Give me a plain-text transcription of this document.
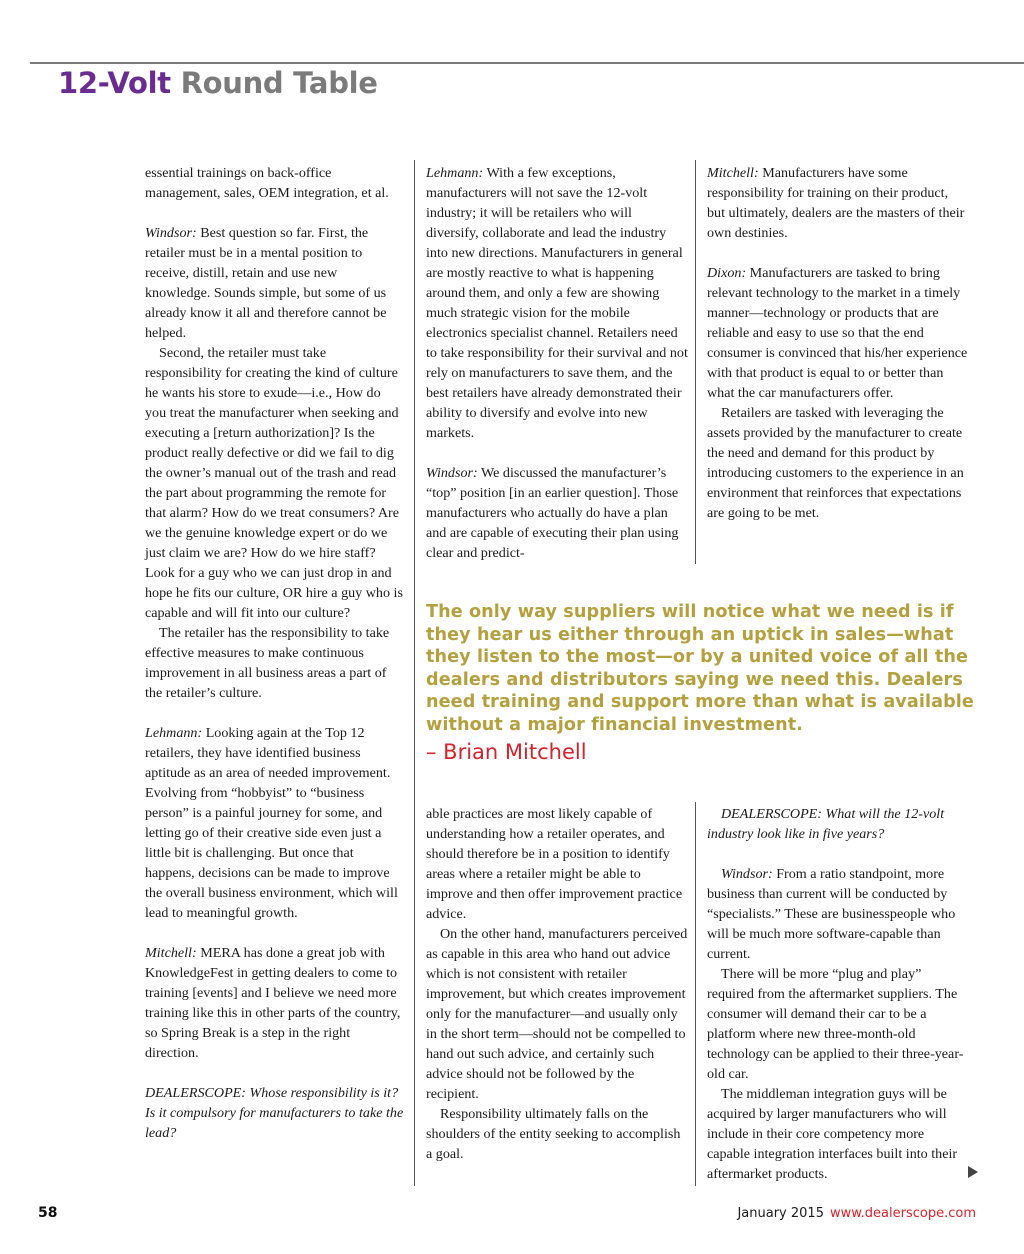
12-Volt Round Table

essential trainings on back-office management, sales, OEM integration, et al.

Windsor: Best question so far. First, the retailer must be in a mental position to receive, distill, retain and use new knowledge. Sounds simple, but some of us already know it all and therefore cannot be helped.

Second, the retailer must take responsibility for creating the kind of culture he wants his store to exude—i.e., How do you treat the manufacturer when seeking and executing a [return authorization]? Is the product really defective or did we fail to dig the owner’s manual out of the trash and read the part about programming the remote for that alarm? How do we treat consumers? Are we the genuine knowledge expert or do we just claim we are? How do we hire staff? Look for a guy who we can just drop in and hope he fits our culture, OR hire a guy who is capable and will fit into our culture?

The retailer has the responsibility to take effective measures to make continuous improvement in all business areas a part of the retailer’s culture.

Lehmann: Looking again at the Top 12 retailers, they have identified business aptitude as an area of needed improvement. Evolving from “hobbyist” to “business person” is a painful journey for some, and letting go of their creative side even just a little bit is challenging. But once that happens, decisions can be made to improve the overall business environment, which will lead to meaningful growth.

Mitchell: MERA has done a great job with KnowledgeFest in getting dealers to come to training [events] and I believe we need more training like this in other parts of the country, so Spring Break is a step in the right direction.

DEALERSCOPE: Whose responsibility is it? Is it compulsory for manufacturers to take the lead?

Lehmann: With a few exceptions, manufacturers will not save the 12-volt industry; it will be retailers who will diversify, collaborate and lead the industry into new directions. Manufacturers in general are mostly reactive to what is happening around them, and only a few are showing much strategic vision for the mobile electronics specialist channel. Retailers need to take responsibility for their survival and not rely on manufacturers to save them, and the best retailers have already demonstrated their ability to diversify and evolve into new markets.

Windsor: We discussed the manufacturer’s “top” position [in an earlier question]. Those manufacturers who actually do have a plan and are capable of executing their plan using clear and predict-

Mitchell: Manufacturers have some responsibility for training on their product, but ultimately, dealers are the masters of their own destinies.

Dixon: Manufacturers are tasked to bring relevant technology to the market in a timely manner—technology or products that are reliable and easy to use so that the end consumer is convinced that his/her experience with that product is equal to or better than what the car manufacturers offer.

Retailers are tasked with leveraging the assets provided by the manufacturer to create the need and demand for this product by introducing customers to the experience in an environment that reinforces that expectations are going to be met.

The only way suppliers will notice what we need is if they hear us either through an uptick in sales—what they listen to the most—or by a united voice of all the dealers and distributors saying we need this. Dealers need training and support more than what is available without a major financial investment.
– Brian Mitchell

able practices are most likely capable of understanding how a retailer operates, and should therefore be in a position to identify areas where a retailer might be able to improve and then offer improvement practice advice.

On the other hand, manufacturers perceived as capable in this area who hand out advice which is not consistent with retailer improvement, but which creates improvement only for the manufacturer—and usually only in the short term—should not be compelled to hand out such advice, and certainly such advice should not be followed by the recipient.

Responsibility ultimately falls on the shoulders of the entity seeking to accomplish a goal.

DEALERSCOPE: What will the 12-volt industry look like in five years?

Windsor: From a ratio standpoint, more business than current will be conducted by “specialists.” These are businesspeople who will be much more software-capable than current.

There will be more “plug and play” required from the aftermarket suppliers. The consumer will demand their car to be a platform where new three-month-old technology can be applied to their three-year-old car.

The middleman integration guys will be acquired by larger manufacturers who will include in their core competency more capable integration interfaces built into their aftermarket products.

58	January 2015 www.dealerscope.com
